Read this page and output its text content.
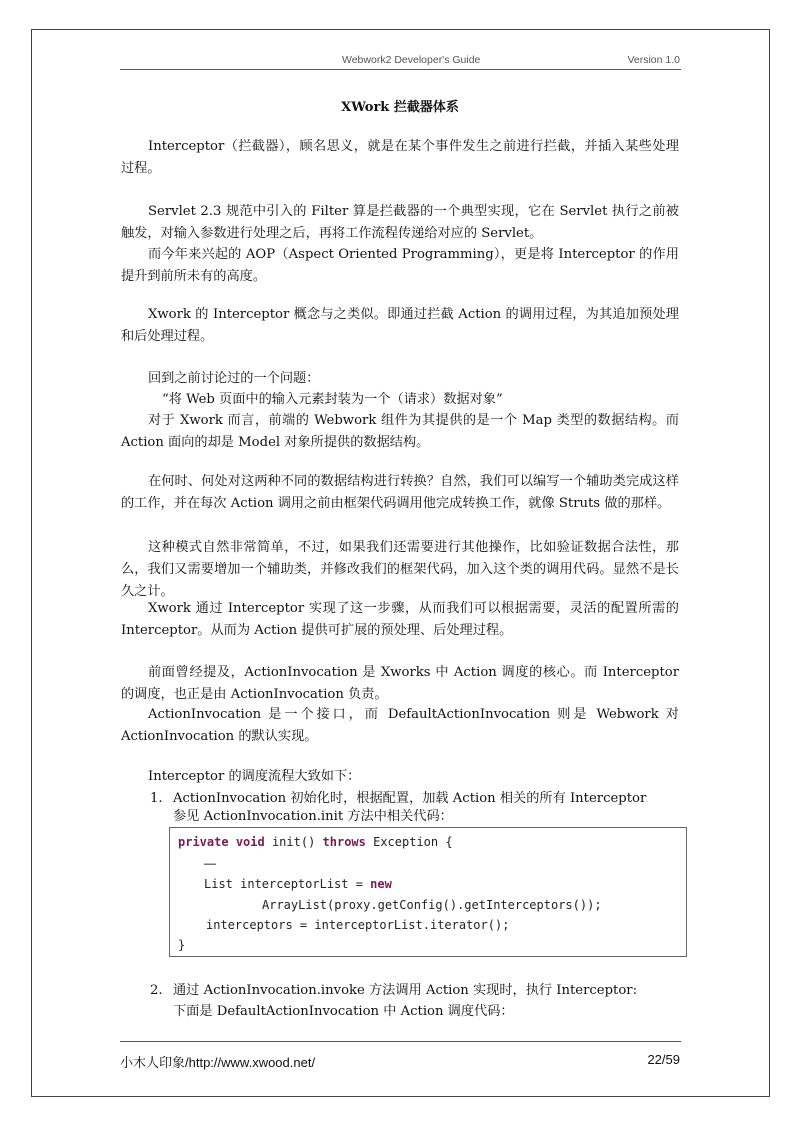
Webwork2 Developer's Guide	Version 1.0
XWork 拦截器体系

Interceptor（拦截器），顾名思义，就是在某个事件发生之前进行拦截，并插入某些处理过程。

Servlet 2.3 规范中引入的 Filter 算是拦截器的一个典型实现，它在 Servlet 执行之前被触发，对输入参数进行处理之后，再将工作流程传递给对应的 Servlet。

而今年来兴起的 AOP（Aspect Oriented Programming），更是将 Interceptor 的作用提升到前所未有的高度。

Xwork 的 Interceptor 概念与之类似。即通过拦截 Action 的调用过程，为其追加预处理和后处理过程。

回到之前讨论过的一个问题：
“将 Web 页面中的输入元素封装为一个（请求）数据对象”

对于 Xwork 而言，前端的 Webwork 组件为其提供的是一个 Map 类型的数据结构。而 Action 面向的却是 Model 对象所提供的数据结构。

在何时、何处对这两种不同的数据结构进行转换？自然，我们可以编写一个辅助类完成这样的工作，并在每次 Action 调用之前由框架代码调用他完成转换工作，就像 Struts 做的那样。

这种模式自然非常简单，不过，如果我们还需要进行其他操作，比如验证数据合法性，那么，我们又需要增加一个辅助类，并修改我们的框架代码，加入这个类的调用代码。显然不是长久之计。

Xwork 通过 Interceptor 实现了这一步骤，从而我们可以根据需要，灵活的配置所需的 Interceptor。从而为 Action 提供可扩展的预处理、后处理过程。

前面曾经提及，ActionInvocation 是 Xworks 中 Action 调度的核心。而 Interceptor 的调度，也正是由 ActionInvocation 负责。

ActionInvocation 是一个接口，而 DefaultActionInvocation 则是 Webwork 对 ActionInvocation 的默认实现。

Interceptor 的调度流程大致如下：
1. ActionInvocation 初始化时，根据配置，加载 Action 相关的所有 Interceptor
参见 ActionInvocation.init 方法中相关代码：
private void init() throws Exception {
……
List interceptorList = new
ArrayList(proxy.getConfig().getInterceptors());
interceptors = interceptorList.iterator();
}
2. 通过 ActionInvocation.invoke 方法调用 Action 实现时，执行 Interceptor:
下面是 DefaultActionInvocation 中 Action 调度代码：
小木人印象/http://www.xwood.net/	22/59
